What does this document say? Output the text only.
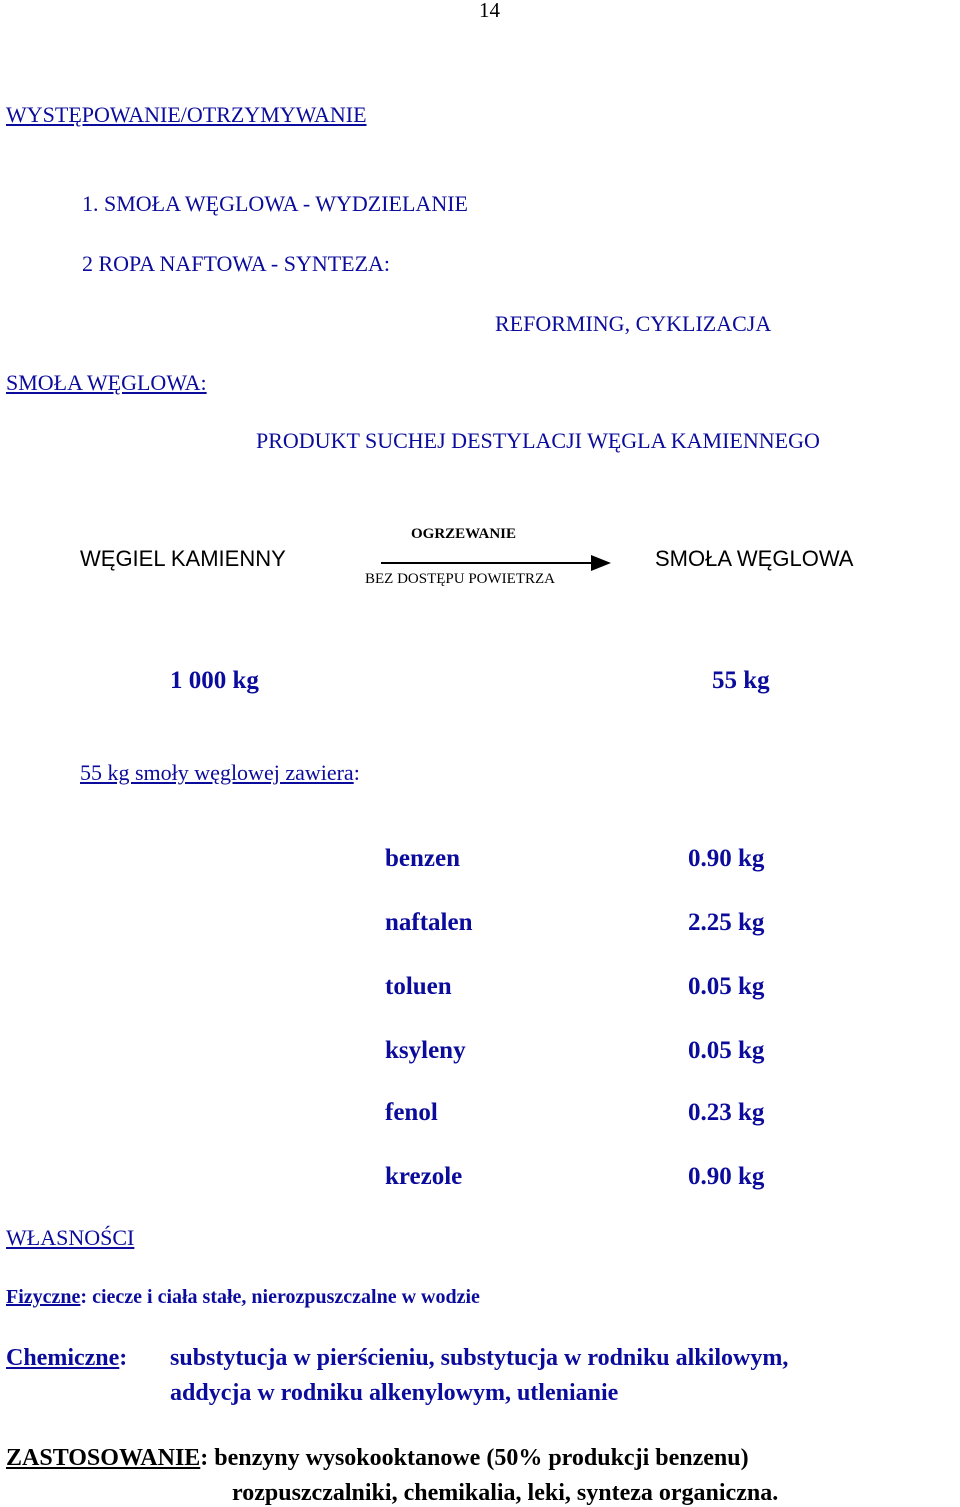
14
WYSTĘPOWANIE/OTRZYMYWANIE
1. SMOŁA WĘGLOWA - WYDZIELANIE
2 ROPA NAFTOWA - SYNTEZA:
REFORMING, CYKLIZACJA
SMOŁA WĘGLOWA:
PRODUKT SUCHEJ DESTYLACJI WĘGLA KAMIENNEGO
WĘGIEL KAMIENNY
OGRZEWANIE
BEZ DOSTĘPU POWIETRZA
SMOŁA WĘGLOWA
1 000 kg	55 kg
55 kg smoły węglowej zawiera:
benzen	0.90 kg
naftalen	2.25 kg
toluen	0.05 kg
ksyleny	0.05 kg
fenol	0.23 kg
krezole	0.90 kg
WŁASNOŚCI
Fizyczne: ciecze i ciała stałe, nierozpuszczalne w wodzie
Chemiczne: substytucja w pierścieniu, substytucja w rodniku alkilowym,
addycja w rodniku alkenylowym, utlenianie
ZASTOSOWANIE: benzyny wysokooktanowe (50% produkcji benzenu)
rozpuszczalniki, chemikalia, leki, synteza organiczna.
